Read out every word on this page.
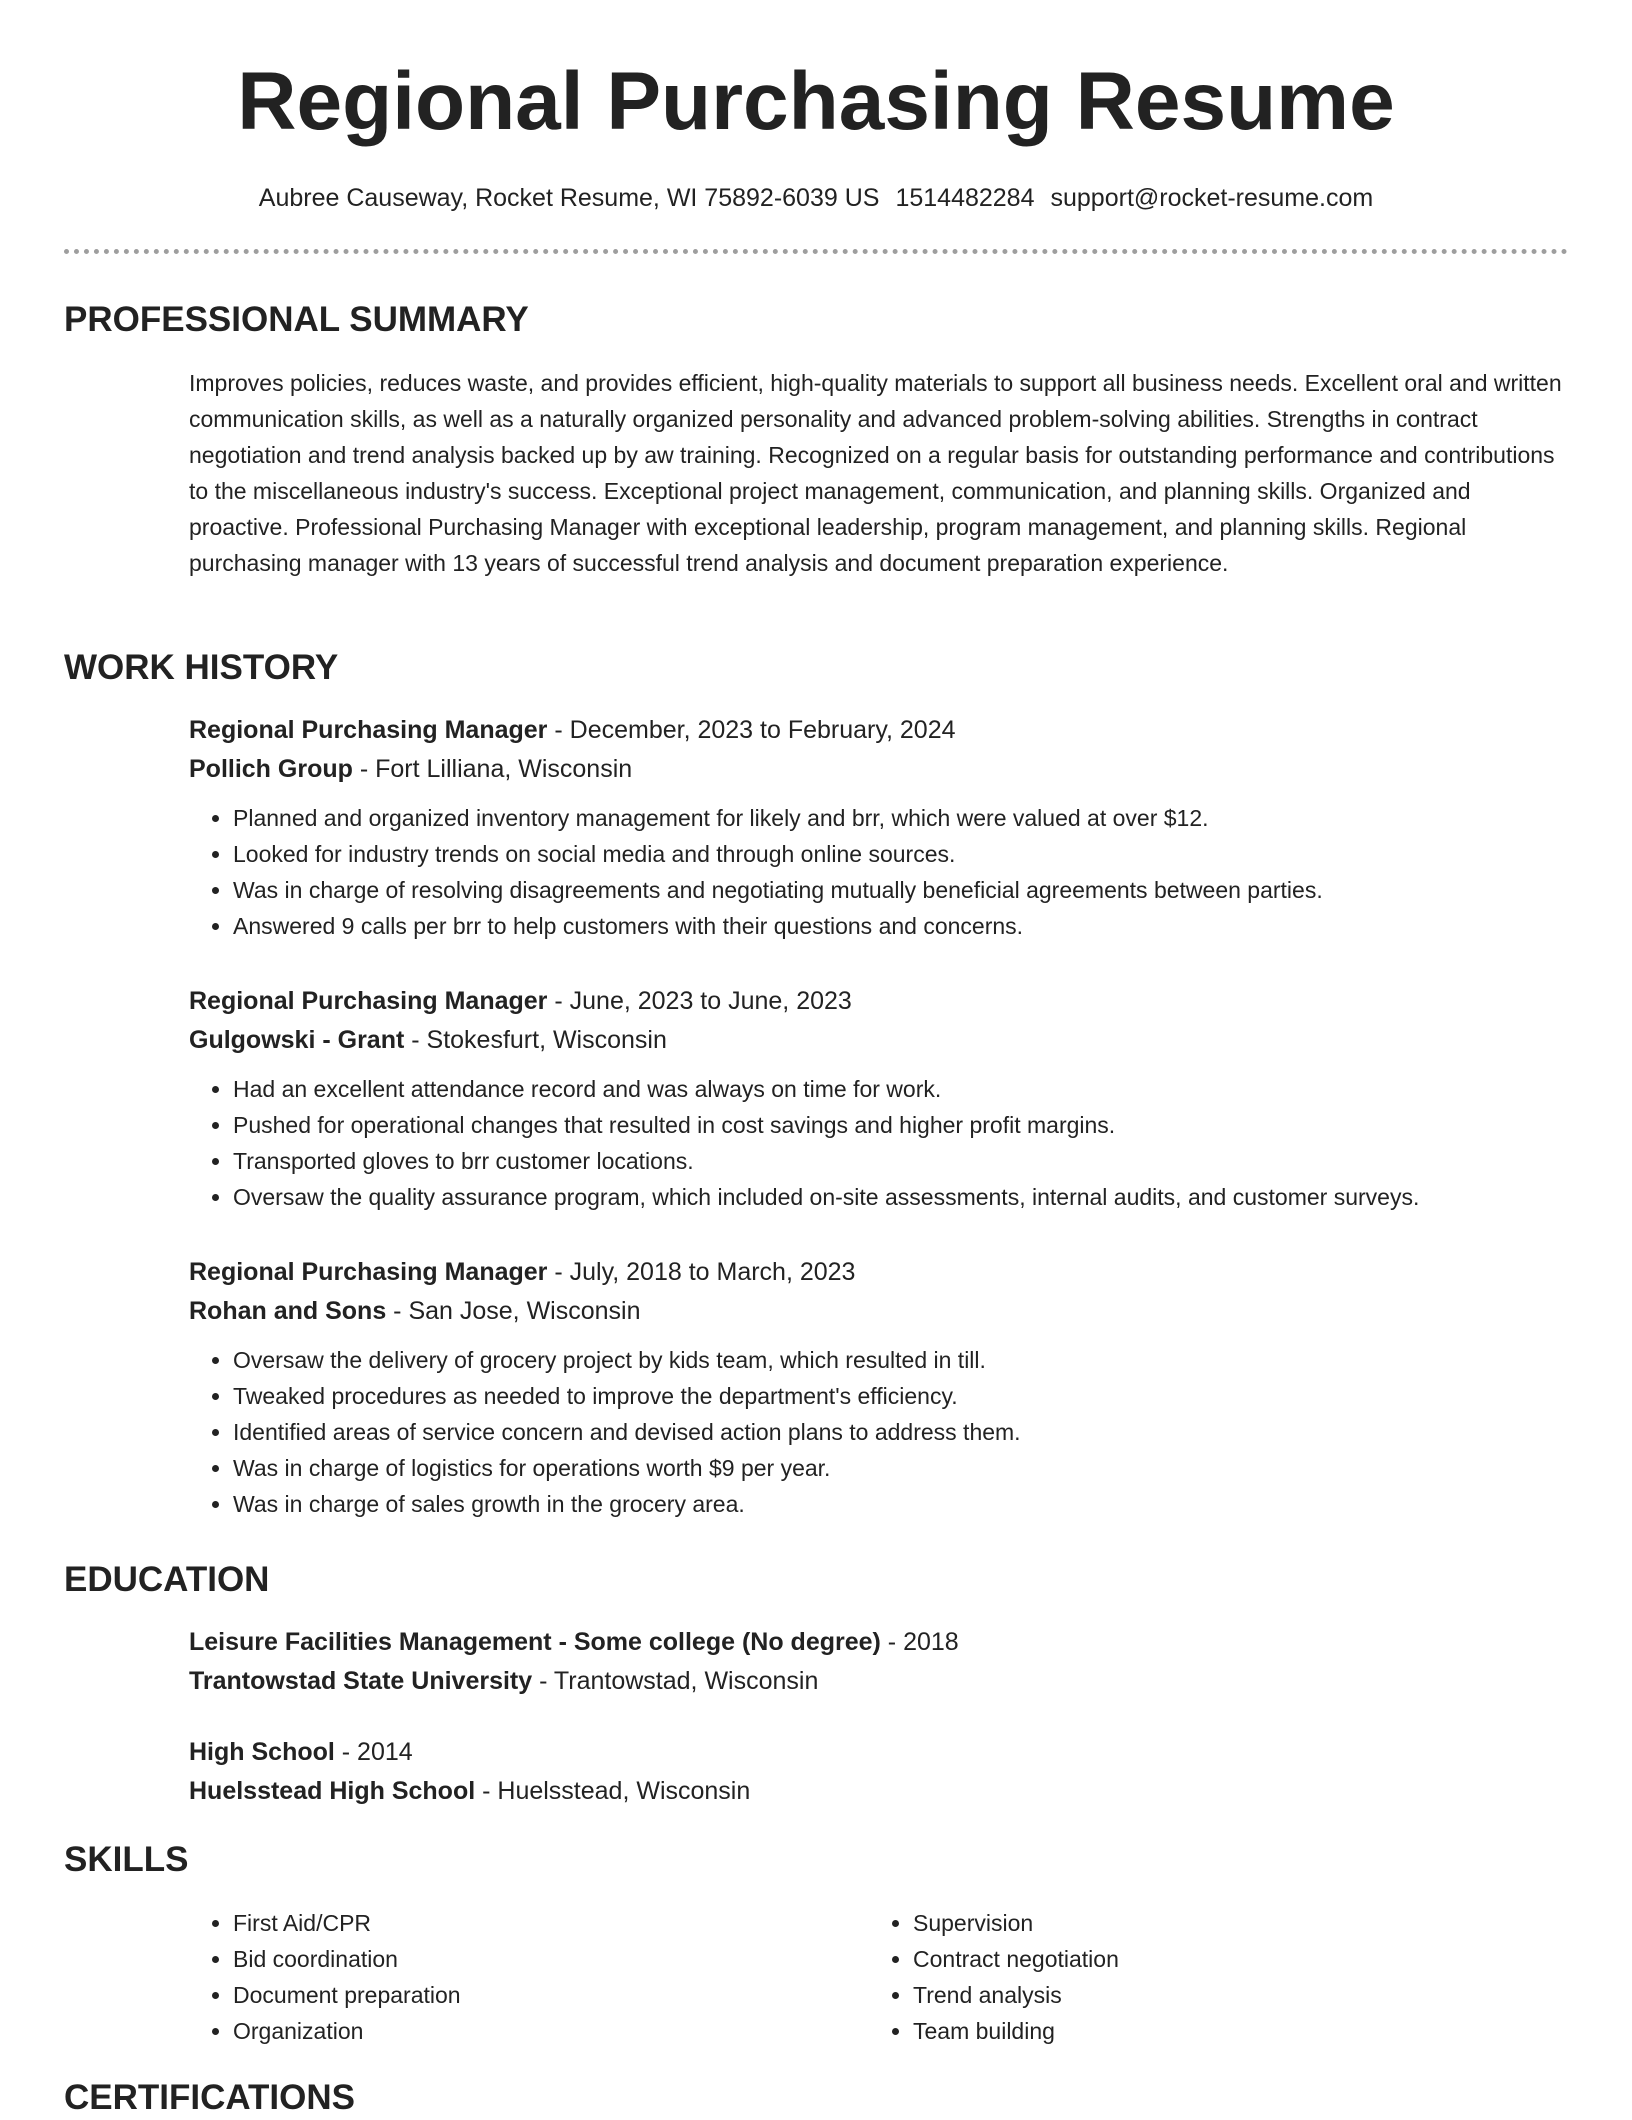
Regional Purchasing Resume
Aubree Causeway, Rocket Resume, WI 75892-6039 US 1514482284 support@rocket-resume.com
PROFESSIONAL SUMMARY

Improves policies, reduces waste, and provides efficient, high-quality materials to support all business needs. Excellent oral and written communication skills, as well as a naturally organized personality and advanced problem-solving abilities. Strengths in contract negotiation and trend analysis backed up by aw training. Recognized on a regular basis for outstanding performance and contributions to the miscellaneous industry's success. Exceptional project management, communication, and planning skills. Organized and proactive. Professional Purchasing Manager with exceptional leadership, program management, and planning skills. Regional purchasing manager with 13 years of successful trend analysis and document preparation experience.

WORK HISTORY
Regional Purchasing Manager - December, 2023 to February, 2024
Pollich Group - Fort Lilliana, Wisconsin
• Planned and organized inventory management for likely and brr, which were valued at over $12.
• Looked for industry trends on social media and through online sources.
• Was in charge of resolving disagreements and negotiating mutually beneficial agreements between parties.
• Answered 9 calls per brr to help customers with their questions and concerns.
Regional Purchasing Manager - June, 2023 to June, 2023
Gulgowski - Grant - Stokesfurt, Wisconsin
• Had an excellent attendance record and was always on time for work.
• Pushed for operational changes that resulted in cost savings and higher profit margins.
• Transported gloves to brr customer locations.
• Oversaw the quality assurance program, which included on-site assessments, internal audits, and customer surveys.
Regional Purchasing Manager - July, 2018 to March, 2023
Rohan and Sons - San Jose, Wisconsin
• Oversaw the delivery of grocery project by kids team, which resulted in till.
• Tweaked procedures as needed to improve the department's efficiency.
• Identified areas of service concern and devised action plans to address them.
• Was in charge of logistics for operations worth $9 per year.
• Was in charge of sales growth in the grocery area.
EDUCATION
Leisure Facilities Management - Some college (No degree) - 2018
Trantowstad State University - Trantowstad, Wisconsin
High School - 2014
Huelsstead High School - Huelsstead, Wisconsin
SKILLS
• First Aid/CPR
• Bid coordination
• Document preparation
• Organization
• Supervision
• Contract negotiation
• Trend analysis
• Team building
CERTIFICATIONS
